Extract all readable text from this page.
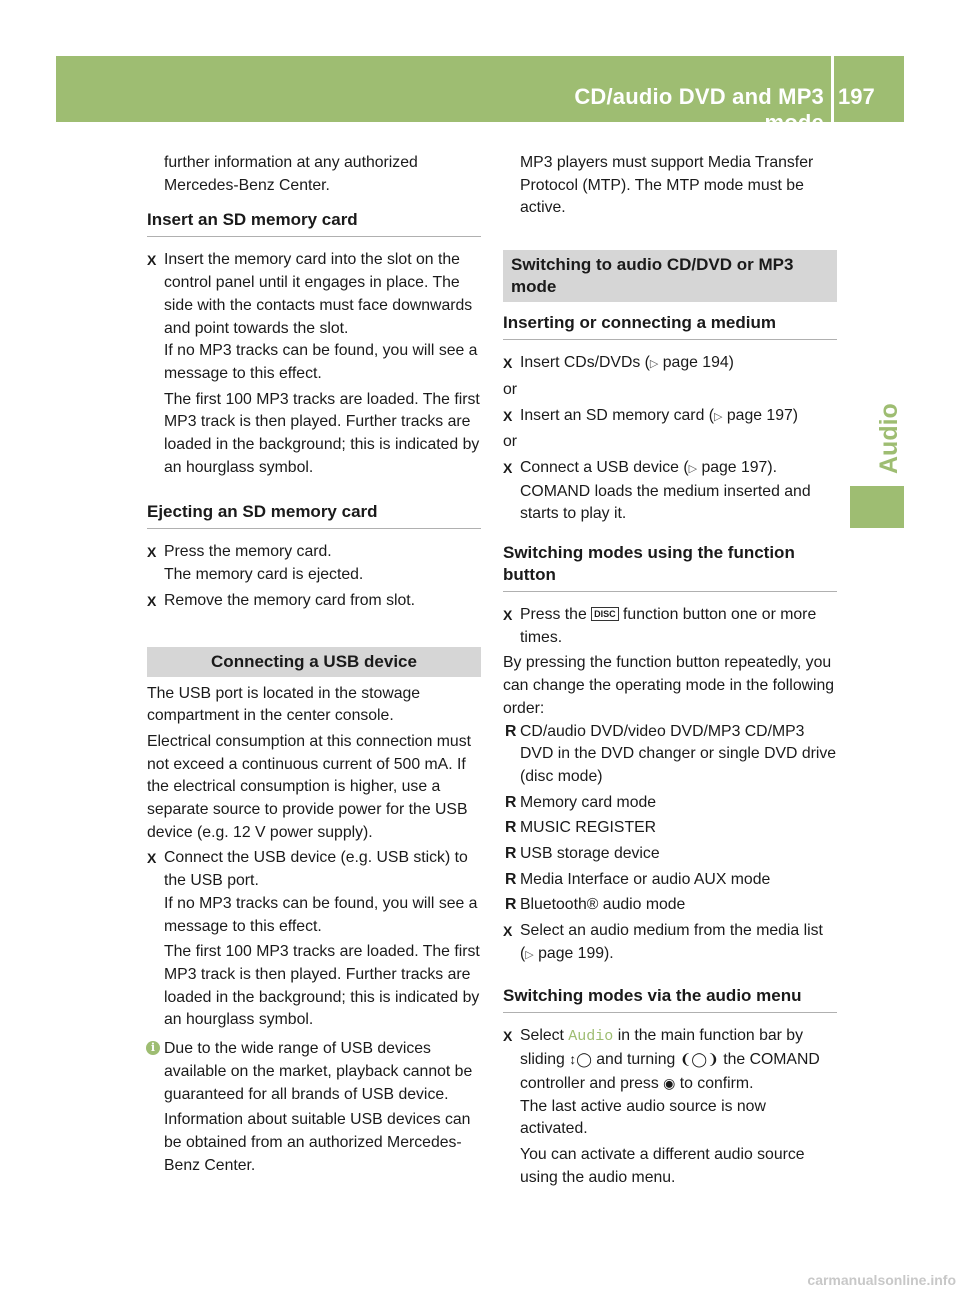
CD/audio DVD and MP3 mode
197
Audio

further information at any authorized

Mercedes-Benz Center.

Insert an SD memory card
X Insert the memory card into the slot on the control panel until it engages in place. The side with the contacts must face downwards and point towards the slot.

If no MP3 tracks can be found, you will see a message to this effect.

The first 100 MP3 tracks are loaded. The first MP3 track is then played. Further tracks are loaded in the background; this is indicated by an hourglass symbol.

Ejecting an SD memory card
X Press the memory card.

The memory card is ejected.

X Remove the memory card from slot.
Connecting a USB device

The USB port is located in the stowage compartment in the center console.

Electrical consumption at this connection must not exceed a continuous current of 500 mA. If the electrical consumption is higher, use a separate source to provide power for the USB device (e.g. 12 V power supply).

X Connect the USB device (e.g. USB stick) to the USB port.

If no MP3 tracks can be found, you will see a message to this effect.

The first 100 MP3 tracks are loaded. The first MP3 track is then played. Further tracks are loaded in the background; this is indicated by an hourglass symbol.

i Due to the wide range of USB devices available on the market, playback cannot be guaranteed for all brands of USB device.

Information about suitable USB devices can be obtained from an authorized Mercedes-Benz Center.

MP3 players must support Media Transfer Protocol (MTP). The MTP mode must be active.

Switching to audio CD/DVD or MP3 mode
Inserting or connecting a medium
X Insert CDs/DVDs (▷ page 194)

or

X Insert an SD memory card (▷ page 197)

or

X Connect a USB device (▷ page 197).

COMAND loads the medium inserted and starts to play it.

Switching modes using the function button
X Press the DISC function button one or more times.

By pressing the function button repeatedly, you can change the operating mode in the following order:

R CD/audio DVD/video DVD/MP3 CD/MP3 DVD in the DVD changer or single DVD drive (disc mode)
R Memory card mode
R MUSIC REGISTER
R USB storage device
R Media Interface or audio AUX mode
R Bluetooth® audio mode
X Select an audio medium from the media list (▷ page 199).
Switching modes via the audio menu
X Select Audio in the main function bar by sliding ↕◯ and turning ❨◯❩ the COMAND controller and press ◉ to confirm.

The last active audio source is now activated.

You can activate a different audio source using the audio menu.

carmanualsonline.info
